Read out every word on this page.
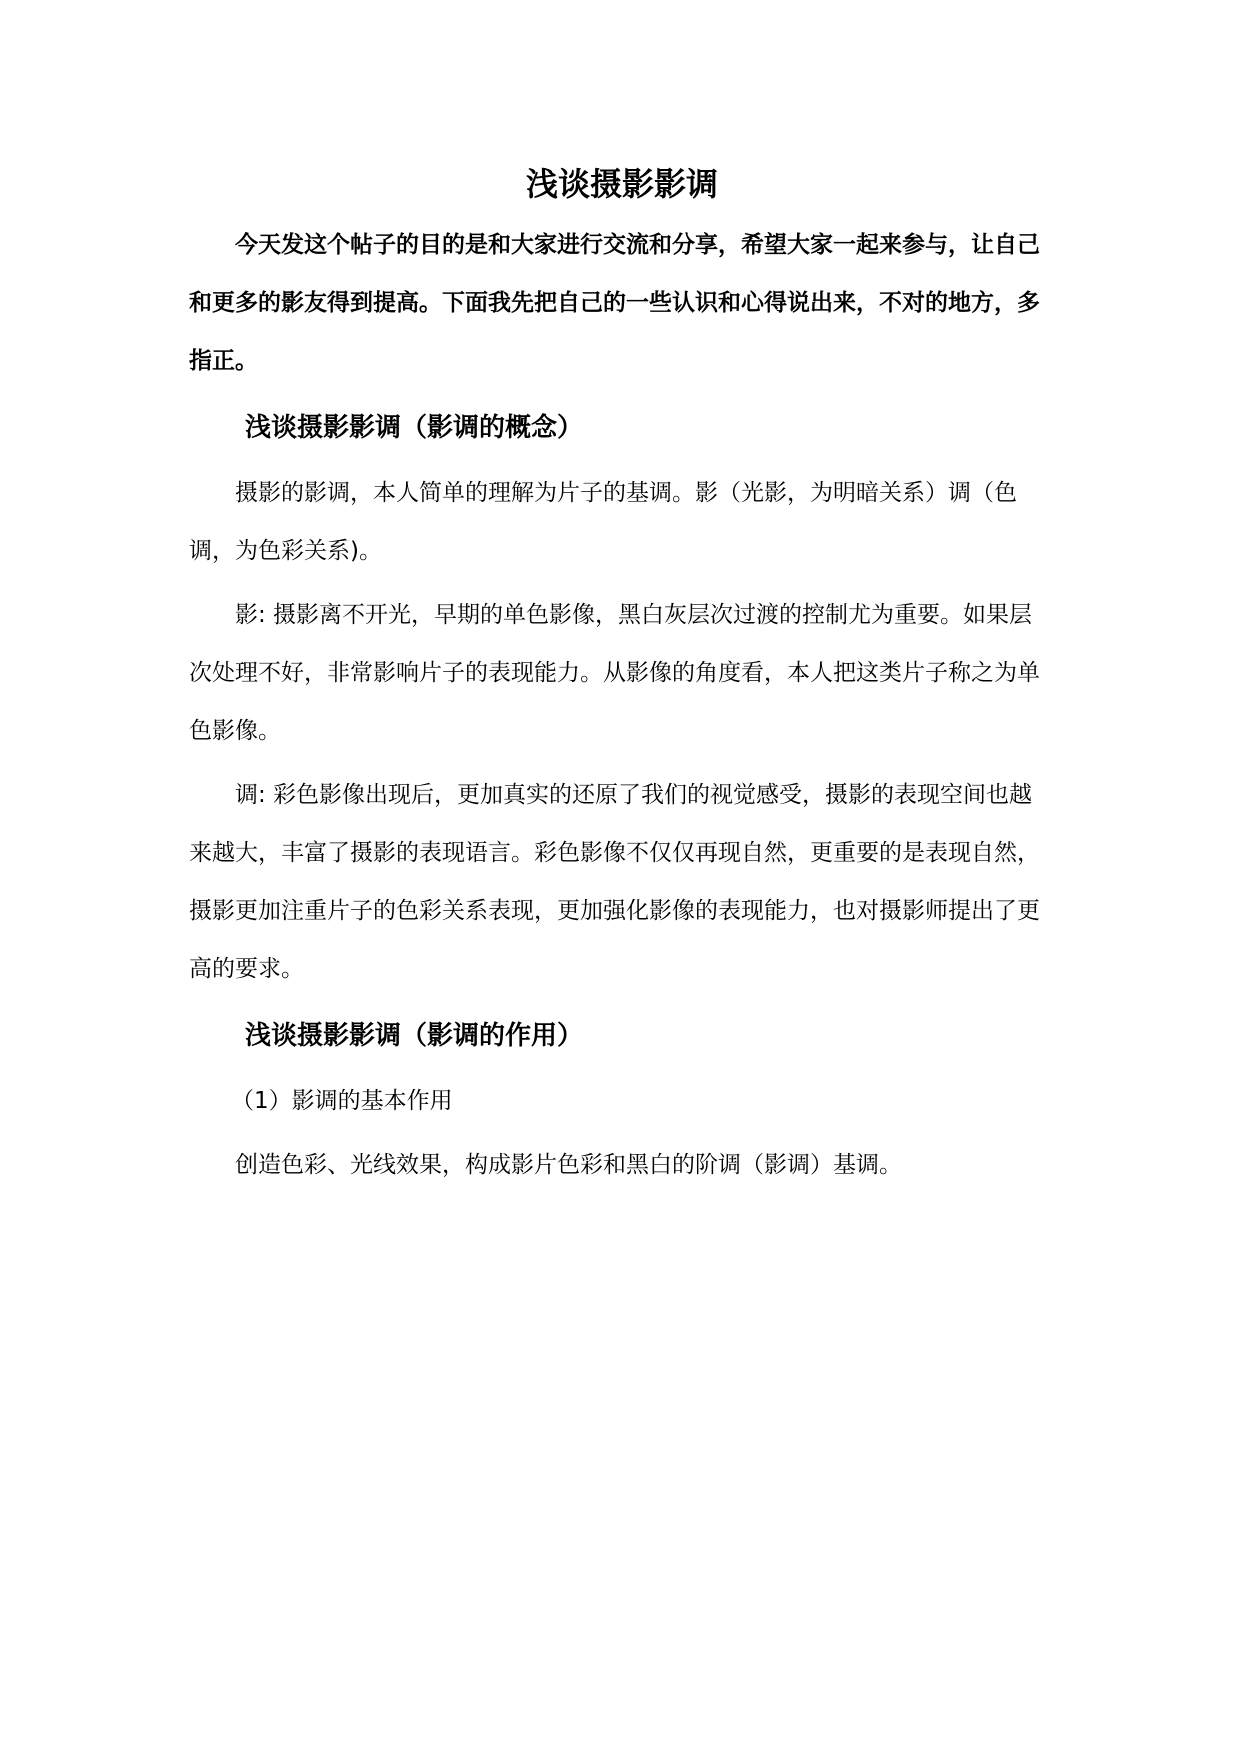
浅谈摄影影调

今天发这个帖子的目的是和大家进行交流和分享，希望大家一起来参与，让自己和更多的影友得到提高。下面我先把自己的一些认识和心得说出来，不对的地方，多指正。

浅谈摄影影调（影调的概念）

摄影的影调，本人简单的理解为片子的基调。影（光影，为明暗关系）调（色调，为色彩关系)。

影: 摄影离不开光，早期的单色影像，黑白灰层次过渡的控制尤为重要。如果层次处理不好，非常影响片子的表现能力。从影像的角度看，本人把这类片子称之为单色影像。

调: 彩色影像出现后，更加真实的还原了我们的视觉感受，摄影的表现空间也越来越大，丰富了摄影的表现语言。彩色影像不仅仅再现自然，更重要的是表现自然，摄影更加注重片子的色彩关系表现，更加强化影像的表现能力，也对摄影师提出了更高的要求。

浅谈摄影影调（影调的作用）
（1）影调的基本作用

创造色彩、光线效果，构成影片色彩和黑白的阶调（影调）基调。
